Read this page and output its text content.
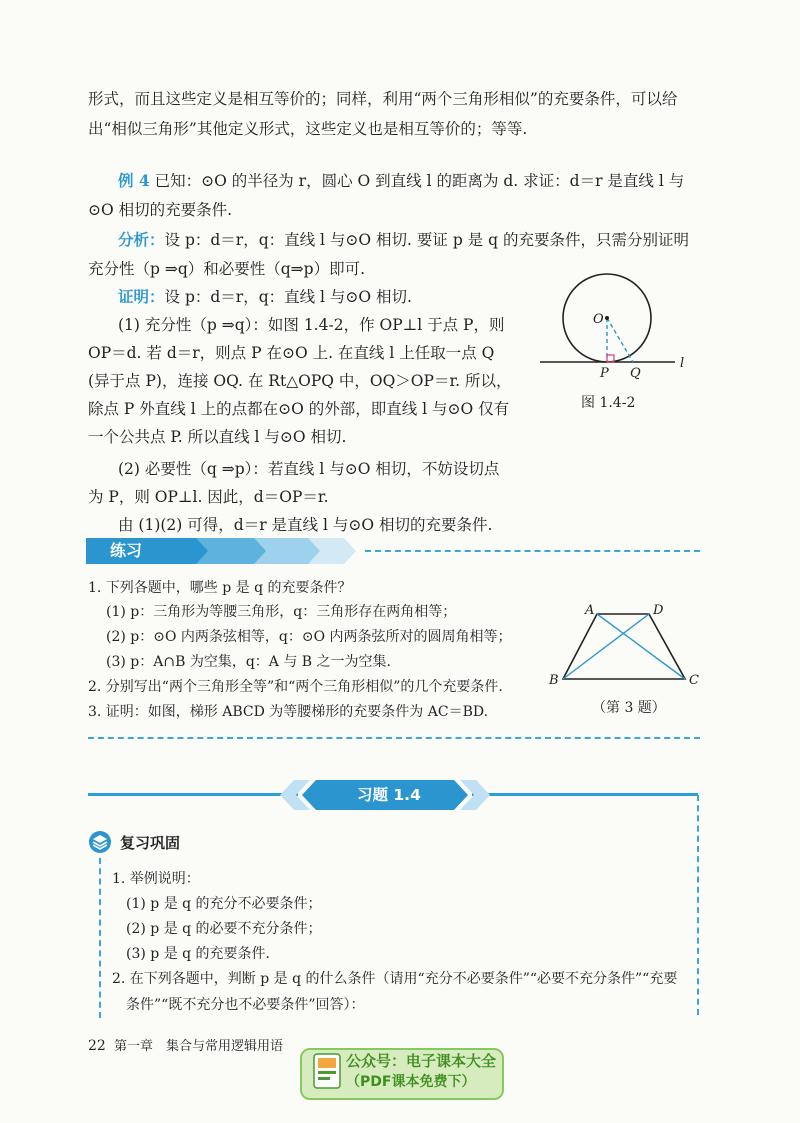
形式，而且这些定义是相互等价的；同样，利用“两个三角形相似”的充要条件，可以给

出“相似三角形”其他定义形式，这些定义也是相互等价的；等等.

例 4 已知：⊙O 的半径为 r，圆心 O 到直线 l 的距离为 d. 求证：d＝r 是直线 l 与

⊙O 相切的充要条件.

分析：设 p：d＝r，q：直线 l 与⊙O 相切. 要证 p 是 q 的充要条件，只需分别证明

充分性（p ⇒q）和必要性（q⇒p）即可.

证明：设 p：d＝r，q：直线 l 与⊙O 相切.

(1) 充分性（p ⇒q）：如图 1.4-2，作 OP⊥l 于点 P，则

OP＝d. 若 d＝r，则点 P 在⊙O 上. 在直线 l 上任取一点 Q

(异于点 P)，连接 OQ. 在 Rt△OPQ 中，OQ＞OP＝r. 所以，

除点 P 外直线 l 上的点都在⊙O 的外部，即直线 l 与⊙O 仅有

一个公共点 P. 所以直线 l 与⊙O 相切.

(2) 必要性（q ⇒p）：若直线 l 与⊙O 相切，不妨设切点

为 P，则 OP⊥l. 因此，d＝OP＝r.

由 (1)(2) 可得，d＝r 是直线 l 与⊙O 相切的充要条件.

O
P Q
l

图 1.4-2

练习

1. 下列各题中，哪些 p 是 q 的充要条件？

(1) p：三角形为等腰三角形，q：三角形存在两角相等；

(2) p：⊙O 内两条弦相等，q：⊙O 内两条弦所对的圆周角相等；

(3) p：A∩B 为空集，q：A 与 B 之一为空集.

2. 分别写出“两个三角形全等”和“两个三角形相似”的几个充要条件.

3. 证明：如图，梯形 ABCD 为等腰梯形的充要条件为 AC＝BD.

A	D
B	C

（第 3 题）

习题 1.4

复习巩固

1. 举例说明：

(1) p 是 q 的充分不必要条件；

(2) p 是 q 的必要不充分条件；

(3) p 是 q 的充要条件.

2. 在下列各题中，判断 p 是 q 的什么条件（请用“充分不必要条件”“必要不充分条件”“充要

条件”“既不充分也不必要条件”回答）：

22 第一章　集合与常用逻辑用语

公众号：电子课本大全

（PDF课本免费下）
